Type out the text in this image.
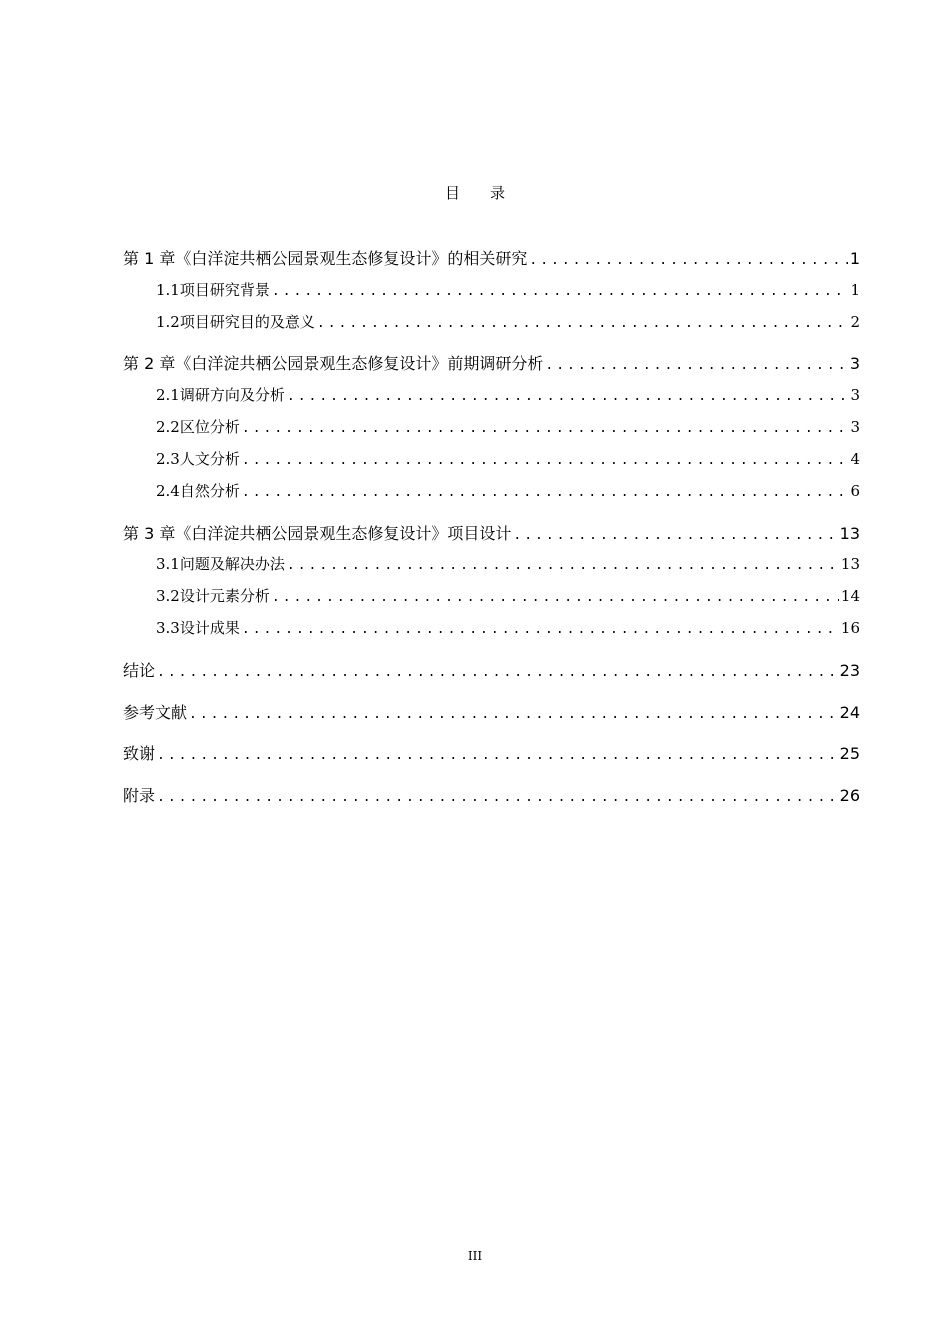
目 录
第 1 章 《白洋淀共栖公园景观生态修复设计》的相关研究 .....	1
1.1 项目研究背景 .....	1
1.2 项目研究目的及意义 .....	2
第 2 章 《白洋淀共栖公园景观生态修复设计》前期调研分析 .....	3
2.1 调研方向及分析 .....	3
2.2 区位分析 .....	3
2.3 人文分析 .....	4
2.4 自然分析 .....	6
第 3 章 《白洋淀共栖公园景观生态修复设计》项目设计 .....	13
3.1 问题及解决办法 .....	13
3.2 设计元素分析 .....	14
3.3 设计成果 .....	16
结论 .....	23
参考文献 .....	24
致谢 .....	25
附录 .....	26
III
